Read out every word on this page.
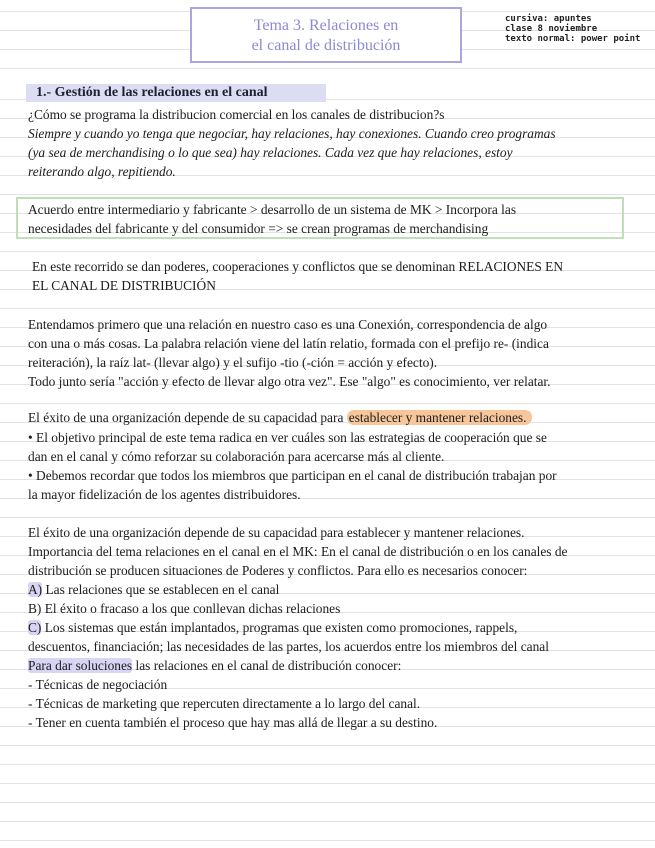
Tema 3. Relaciones en
el canal de distribución
cursiva: apuntes
clase 8 noviembre
texto normal: power point
1.- Gestión de las relaciones en el canal
¿Cómo se programa la distribucion comercial en los canales de distribucion?s
Siempre y cuando yo tenga que negociar, hay relaciones, hay conexiones. Cuando creo programas
(ya sea de merchandising o lo que sea) hay relaciones. Cada vez que hay relaciones, estoy
reiterando algo, repitiendo.
Acuerdo entre intermediario y fabricante > desarrollo de un sistema de MK > Incorpora las
necesidades del fabricante y del consumidor => se crean programas de merchandising
En este recorrido se dan poderes, cooperaciones y conflictos que se denominan RELACIONES EN
EL CANAL DE DISTRIBUCIÓN
Entendamos primero que una relación en nuestro caso es una Conexión, correspondencia de algo
con una o más cosas. La palabra relación viene del latín relatio, formada con el prefijo re- (indica
reiteración), la raíz lat- (llevar algo) y el sufijo -tio (-ción = acción y efecto).
Todo junto sería "acción y efecto de llevar algo otra vez". Ese "algo" es conocimiento, ver relatar.
El éxito de una organización depende de su capacidad para establecer y mantener relaciones.
• El objetivo principal de este tema radica en ver cuáles son las estrategias de cooperación que se
dan en el canal y cómo reforzar su colaboración para acercarse más al cliente.
• Debemos recordar que todos los miembros que participan en el canal de distribución trabajan por
la mayor fidelización de los agentes distribuidores.
El éxito de una organización depende de su capacidad para establecer y mantener relaciones.
Importancia del tema relaciones en el canal en el MK: En el canal de distribución o en los canales de
distribución se producen situaciones de Poderes y conflictos. Para ello es necesarios conocer:
A) Las relaciones que se establecen en el canal
B) El éxito o fracaso a los que conllevan dichas relaciones
C) Los sistemas que están implantados, programas que existen como promociones, rappels,
descuentos, financiación; las necesidades de las partes, los acuerdos entre los miembros del canal
Para dar soluciones las relaciones en el canal de distribución conocer:
- Técnicas de negociación
- Técnicas de marketing que repercuten directamente a lo largo del canal.
- Tener en cuenta también el proceso que hay mas allá de llegar a su destino.
